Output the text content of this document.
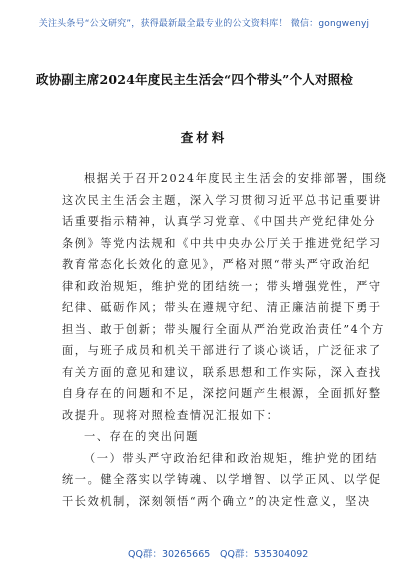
关注头条号“公文研究”，获得最新最全最专业的公文资料库！ 微信：gongwenyj
政协副主席2024年度民主生活会“四个带头”个人对照检
查材料
根据关于召开2024年度民主生活会的安排部署，围绕
这次民主生活会主题，深入学习贯彻习近平总书记重要讲
话重要指示精神，认真学习党章、《中国共产党纪律处分
条例》等党内法规和《中共中央办公厅关于推进党纪学习
教育常态化长效化的意见》，严格对照“带头严守政治纪
律和政治规矩，维护党的团结统一；带头增强党性，严守
纪律、砥砺作风；带头在遵规守纪、清正廉洁前提下勇于
担当、敢于创新；带头履行全面从严治党政治责任”4个方
面，与班子成员和机关干部进行了谈心谈话，广泛征求了
有关方面的意见和建议，联系思想和工作实际，深入查找
自身存在的问题和不足，深挖问题产生根源，全面抓好整
改提升。现将对照检查情况汇报如下：
一、存在的突出问题
（一）带头严守政治纪律和政治规矩，维护党的团结
统一。健全落实以学铸魂、以学增智、以学正风、以学促
干长效机制，深刻领悟“两个确立”的决定性意义，坚决
QQ群：30265665 QQ群：535304092
